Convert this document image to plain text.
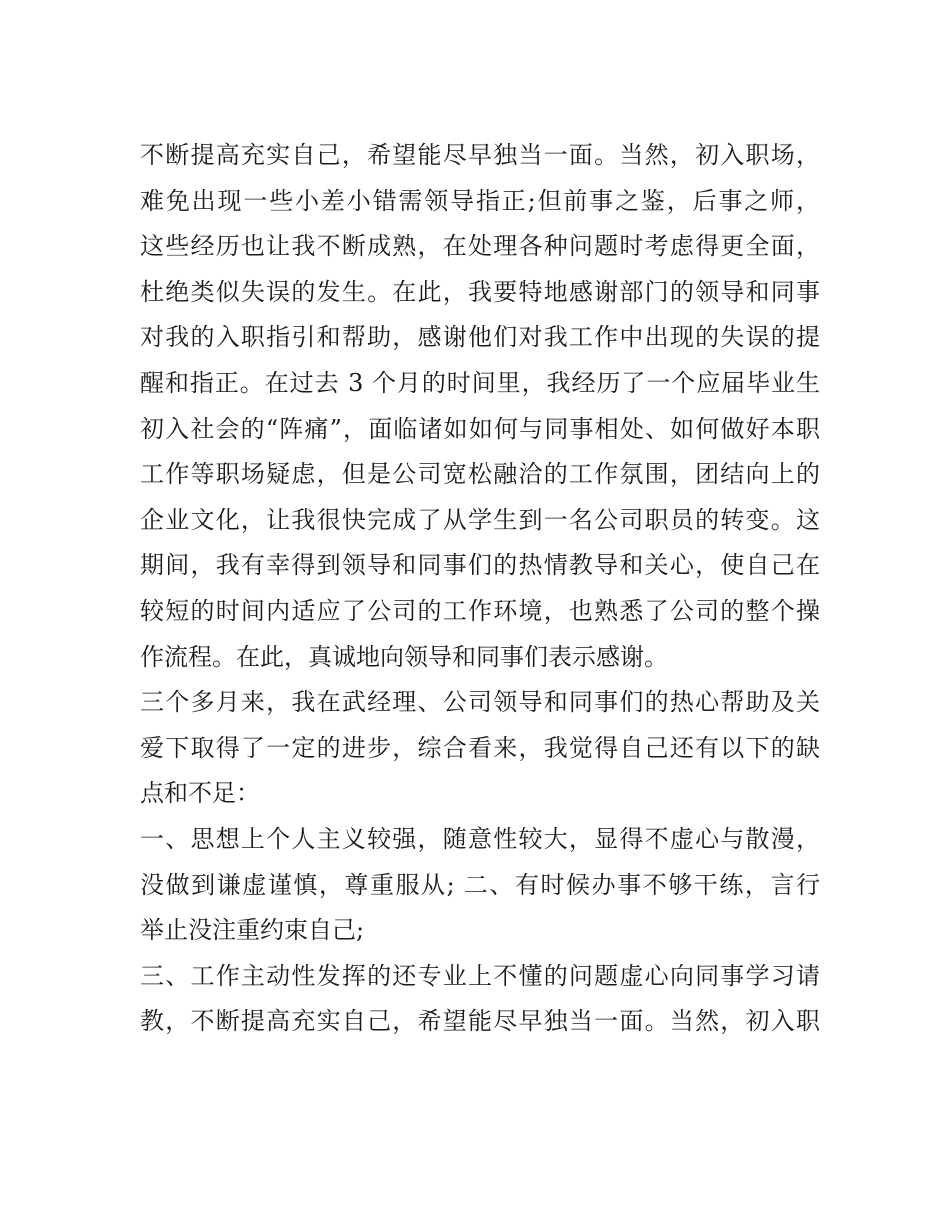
不断提高充实自己，希望能尽早独当一面。当然，初入职场，
难免出现一些小差小错需领导指正;但前事之鉴，后事之师，
这些经历也让我不断成熟，在处理各种问题时考虑得更全面，
杜绝类似失误的发生。在此，我要特地感谢部门的领导和同事
对我的入职指引和帮助，感谢他们对我工作中出现的失误的提
醒和指正。在过去 3 个月的时间里，我经历了一个应届毕业生
初入社会的“阵痛”，面临诸如如何与同事相处、如何做好本职
工作等职场疑虑，但是公司宽松融洽的工作氛围，团结向上的
企业文化，让我很快完成了从学生到一名公司职员的转变。这
期间，我有幸得到领导和同事们的热情教导和关心，使自己在
较短的时间内适应了公司的工作环境，也熟悉了公司的整个操
作流程。在此，真诚地向领导和同事们表示感谢。
三个多月来，我在武经理、公司领导和同事们的热心帮助及关
爱下取得了一定的进步，综合看来，我觉得自己还有以下的缺
点和不足：
一、思想上个人主义较强，随意性较大，显得不虚心与散漫，
没做到谦虚谨慎，尊重服从; 二、有时候办事不够干练，言行
举止没注重约束自己;
三、工作主动性发挥的还专业上不懂的问题虚心向同事学习请
教，不断提高充实自己，希望能尽早独当一面。当然，初入职
